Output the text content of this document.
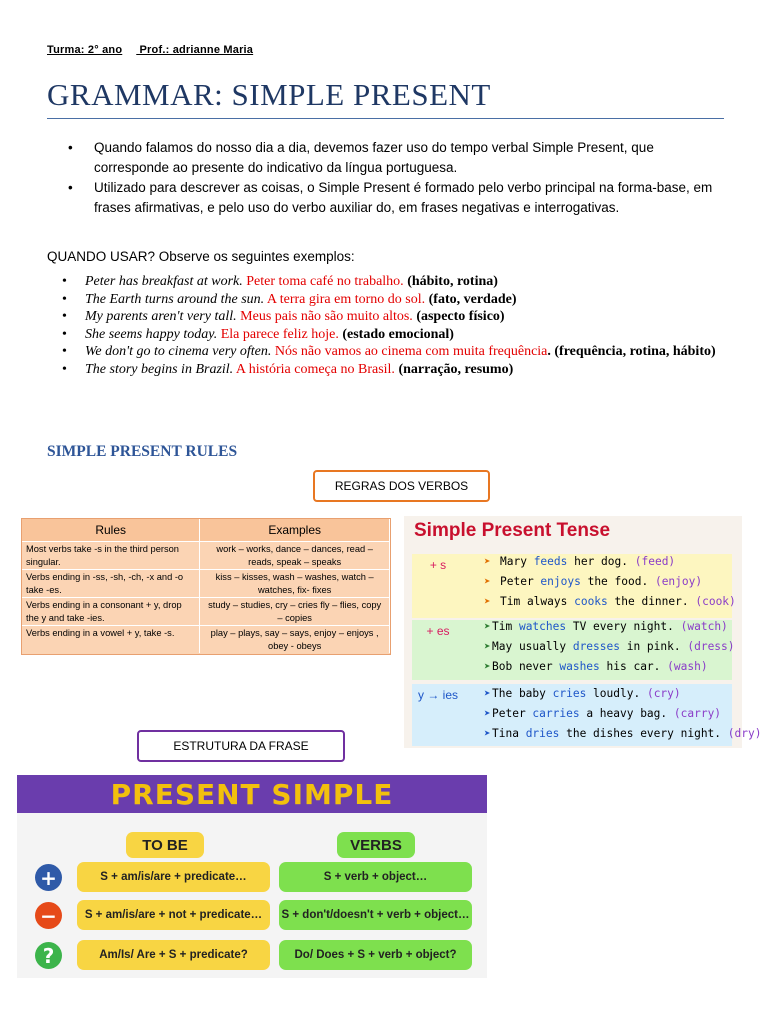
Turma: 2° ano Prof.: adrianne Maria
GRAMMAR: SIMPLE PRESENT
• Quando falamos do nosso dia a dia, devemos fazer uso do tempo verbal Simple Present, que corresponde ao presente do indicativo da língua portuguesa.
• Utilizado para descrever as coisas, o Simple Present é formado pelo verbo principal na forma-base, em frases afirmativas, e pelo uso do verbo auxiliar do, em frases negativas e interrogativas.
QUANDO USAR? Observe os seguintes exemplos:
• Peter has breakfast at work. Peter toma café no trabalho. (hábito, rotina)
• The Earth turns around the sun. A terra gira em torno do sol. (fato, verdade)
• My parents aren't very tall. Meus pais não são muito altos. (aspecto físico)
• She seems happy today. Ela parece feliz hoje. (estado emocional)
• We don't go to cinema very often. Nós não vamos ao cinema com muita frequência. (frequência, rotina, hábito)
• The story begins in Brazil. A história começa no Brasil. (narração, resumo)
SIMPLE PRESENT RULES
REGRAS DOS VERBOS
Rules	Examples
Most verbs take -s in the third person singular.	work – works, dance – dances, read – reads, speak – speaks
Verbs ending in -ss, -sh, -ch, -x and -o take -es.	kiss – kisses, wash – washes, watch – watches, fix- fixes
Verbs ending in a consonant + y, drop the y and take -ies.	study – studies, cry – cries fly – flies, copy – copies
Verbs ending in a vowel + y, take -s.	play – plays, say – says, enjoy – enjoys , obey - obeys
Simple Present Tense
+ s	➤ Mary feeds her dog. (feed)
➤ Peter enjoys the food. (enjoy)
➤ Tim always cooks the dinner. (cook)
+ es	➤ Tim watches TV every night. (watch)
➤ May usually dresses in pink. (dress)
➤ Bob never washes his car. (wash)
y → ies	➤ The baby cries loudly. (cry)
➤ Peter carries a heavy bag. (carry)
➤ Tina dries the dishes every night. (dry)
ESTRUTURA DA FRASE
PRESENT SIMPLE
TO BE	VERBS
+	S + am/is/are + predicate…	S + verb + object…
−	S + am/is/are + not + predicate…	S + don't/doesn't + verb + object…
?	Am/Is/ Are + S + predicate?	Do/ Does + S + verb + object?
